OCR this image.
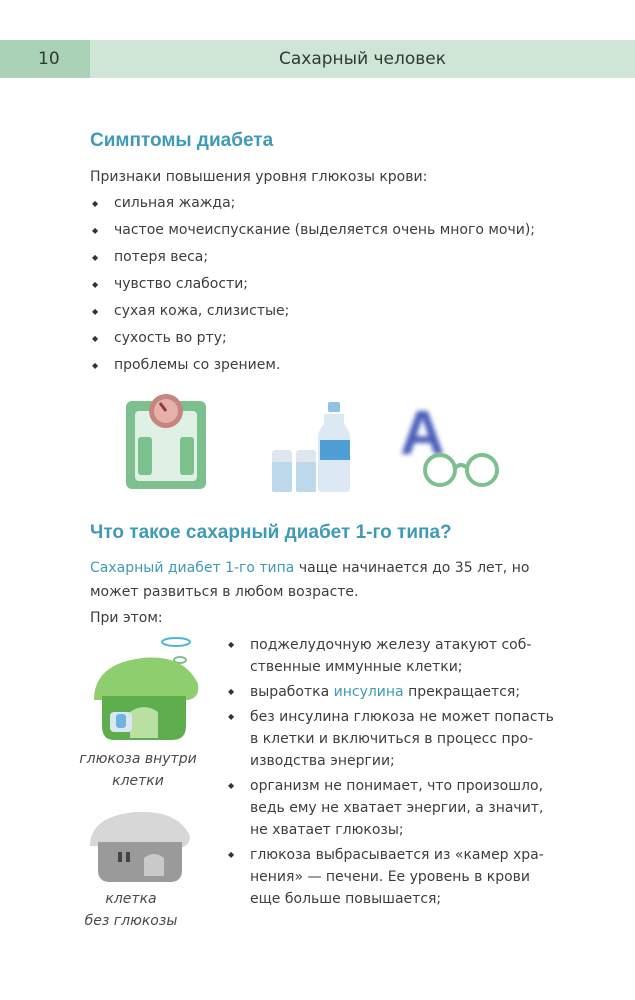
10	Сахарный человек
Симптомы диабета
Признаки повышения уровня глюкозы крови:
◆ сильная жажда;
◆ частое мочеиспускание (выделяется очень много мочи);
◆ потеря веса;
◆ чувство слабости;
◆ сухая кожа, слизистые;
◆ сухость во рту;
◆ проблемы со зрением.
A
Что такое сахарный диабет 1-го типа?
Сахарный диабет 1-го типа чаще начинается до 35 лет, но
может развиться в любом возрасте.
При этом:
глюкоза внутри
клетки
клетка
без глюкозы
◆ поджелудочную железу атакуют соб-
ственные иммунные клетки;
◆ выработка инсулина прекращается;
◆ без инсулина глюкоза не может попасть
в клетки и включиться в процесс про-
изводства энергии;
◆ организм не понимает, что произошло,
ведь ему не хватает энергии, а значит,
не хватает глюкозы;
◆ глюкоза выбрасывается из «камер хра-
нения» — печени. Ее уровень в крови
еще больше повышается;
